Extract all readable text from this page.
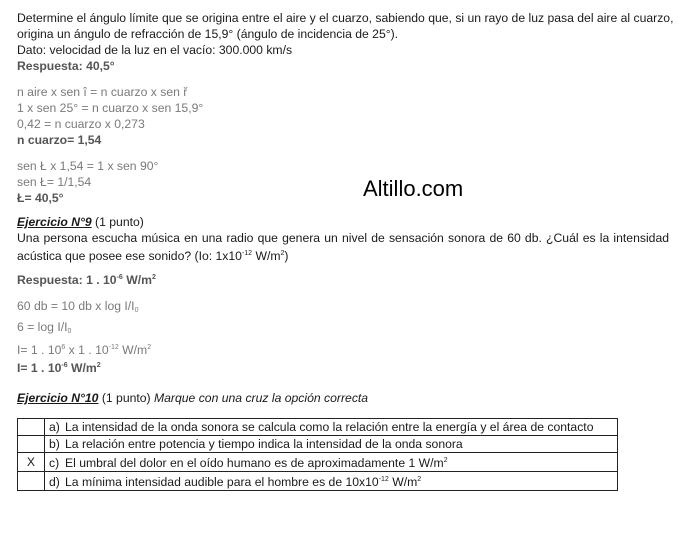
Determine el ángulo límite que se origina entre el aire y el cuarzo, sabiendo que, si un rayo de luz pasa del aire al cuarzo,
origina un ángulo de refracción de 15,9° (ángulo de incidencia de 25°).
Dato: velocidad de la luz en el vacío: 300.000 km/s
Respuesta: 40,5°
n aire x sen î = n cuarzo x sen ř
1 x sen 25° = n cuarzo x sen 15,9°
0,42 = n cuarzo x 0,273
n cuarzo= 1,54
sen Ł x 1,54 = 1 x sen 90°
sen Ł= 1/1,54
Ł= 40,5°
Ejercicio N°9 (1 punto)
Una persona escucha música en una radio que genera un nivel de sensación sonora de 60 db. ¿Cuál es la intensidad acústica que posee ese sonido? (Io: $1x10^{-12}$ $W/m^2$)
Respuesta: 1 . $10^{-6}$ $W/m^2$
60 db = 10 db x $\log I/I_0$
$6 = \log I/I_0$
I= 1 . $10^6$ x 1 . $10^{-12}$ $W/m^2$
I= 1 . $10^{-6}$ $W/m^2$
Ejercicio N°10 (1 punto) Marque con una cruz la opción correcta
	a) La intensidad de la onda sonora se calcula como la relación entre la energía y el área de contacto
	b) La relación entre potencia y tiempo indica la intensidad de la onda sonora
X	c) El umbral del dolor en el oído humano es de aproximadamente 1 $W/m^2$
	d) La mínima intensidad audible para el hombre es de $10x10^{-12}$ $W/m^2$
Altillo.com
